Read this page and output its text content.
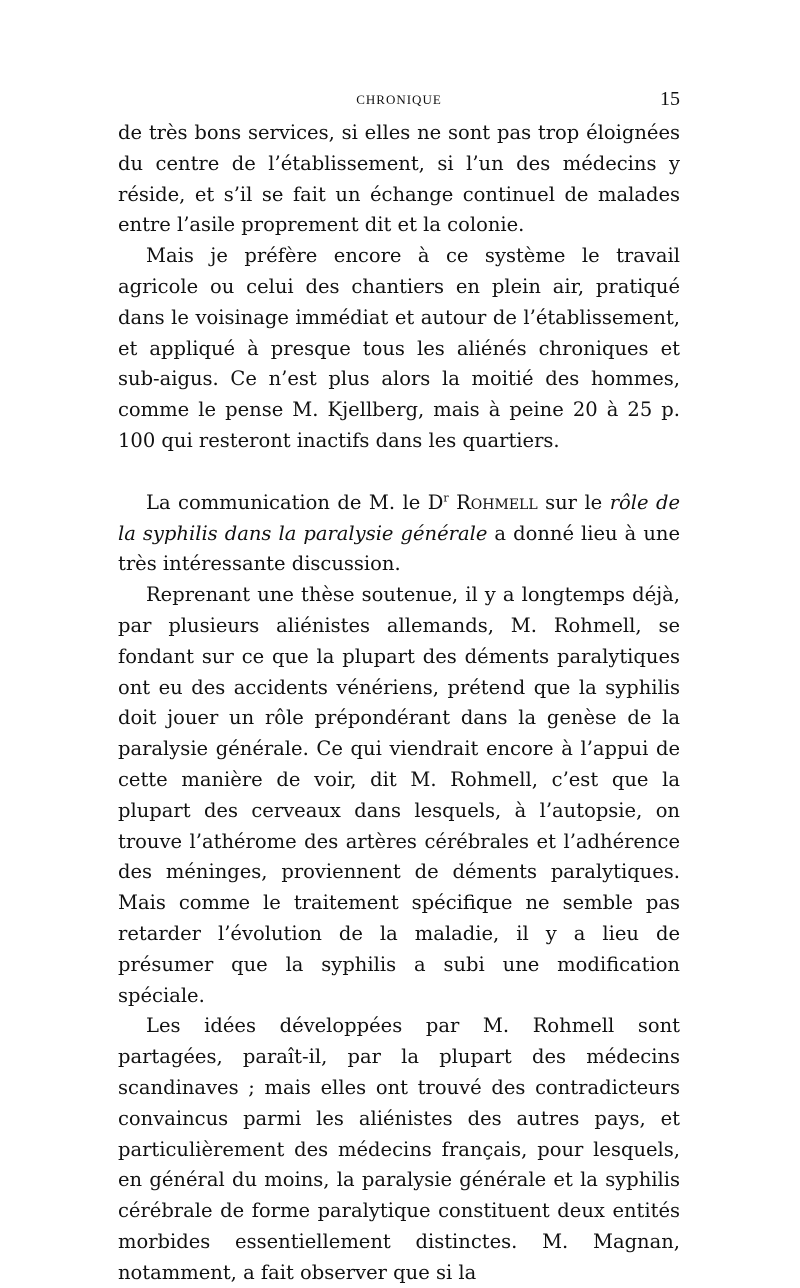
CHRONIQUE	15

de très bons services, si elles ne sont pas trop éloignées du centre de l’établissement, si l’un des médecins y réside, et s’il se fait un échange continuel de malades entre l’asile proprement dit et la colonie.

Mais je préfère encore à ce système le travail agricole ou celui des chantiers en plein air, pratiqué dans le voisinage immédiat et autour de l’établissement, et appliqué à presque tous les aliénés chroniques et sub-aigus. Ce n’est plus alors la moitié des hommes, comme le pense M. Kjellberg, mais à peine 20 à 25 p. 100 qui resteront inactifs dans les quartiers.

La communication de M. le $D^r$ Rohmell sur le rôle de la syphilis dans la paralysie générale a donné lieu à une très intéressante discussion.

Reprenant une thèse soutenue, il y a longtemps déjà, par plusieurs aliénistes allemands, M. Rohmell, se fondant sur ce que la plupart des déments paralytiques ont eu des accidents vénériens, prétend que la syphilis doit jouer un rôle prépondérant dans la genèse de la paralysie générale. Ce qui viendrait encore à l’appui de cette manière de voir, dit M. Rohmell, c’est que la plupart des cerveaux dans lesquels, à l’autopsie, on trouve l’athérome des artères cérébrales et l’adhérence des méninges, proviennent de déments paralytiques. Mais comme le traitement spécifique ne semble pas retarder l’évolution de la maladie, il y a lieu de présumer que la syphilis a subi une modification spéciale.

Les idées développées par M. Rohmell sont partagées, paraît-il, par la plupart des médecins scandinaves ; mais elles ont trouvé des contradicteurs convaincus parmi les aliénistes des autres pays, et particulièrement des médecins français, pour lesquels, en général du moins, la paralysie générale et la syphilis cérébrale de forme paralytique constituent deux entités morbides essentiellement distinctes. M. Magnan, notamment, a fait observer que si la
